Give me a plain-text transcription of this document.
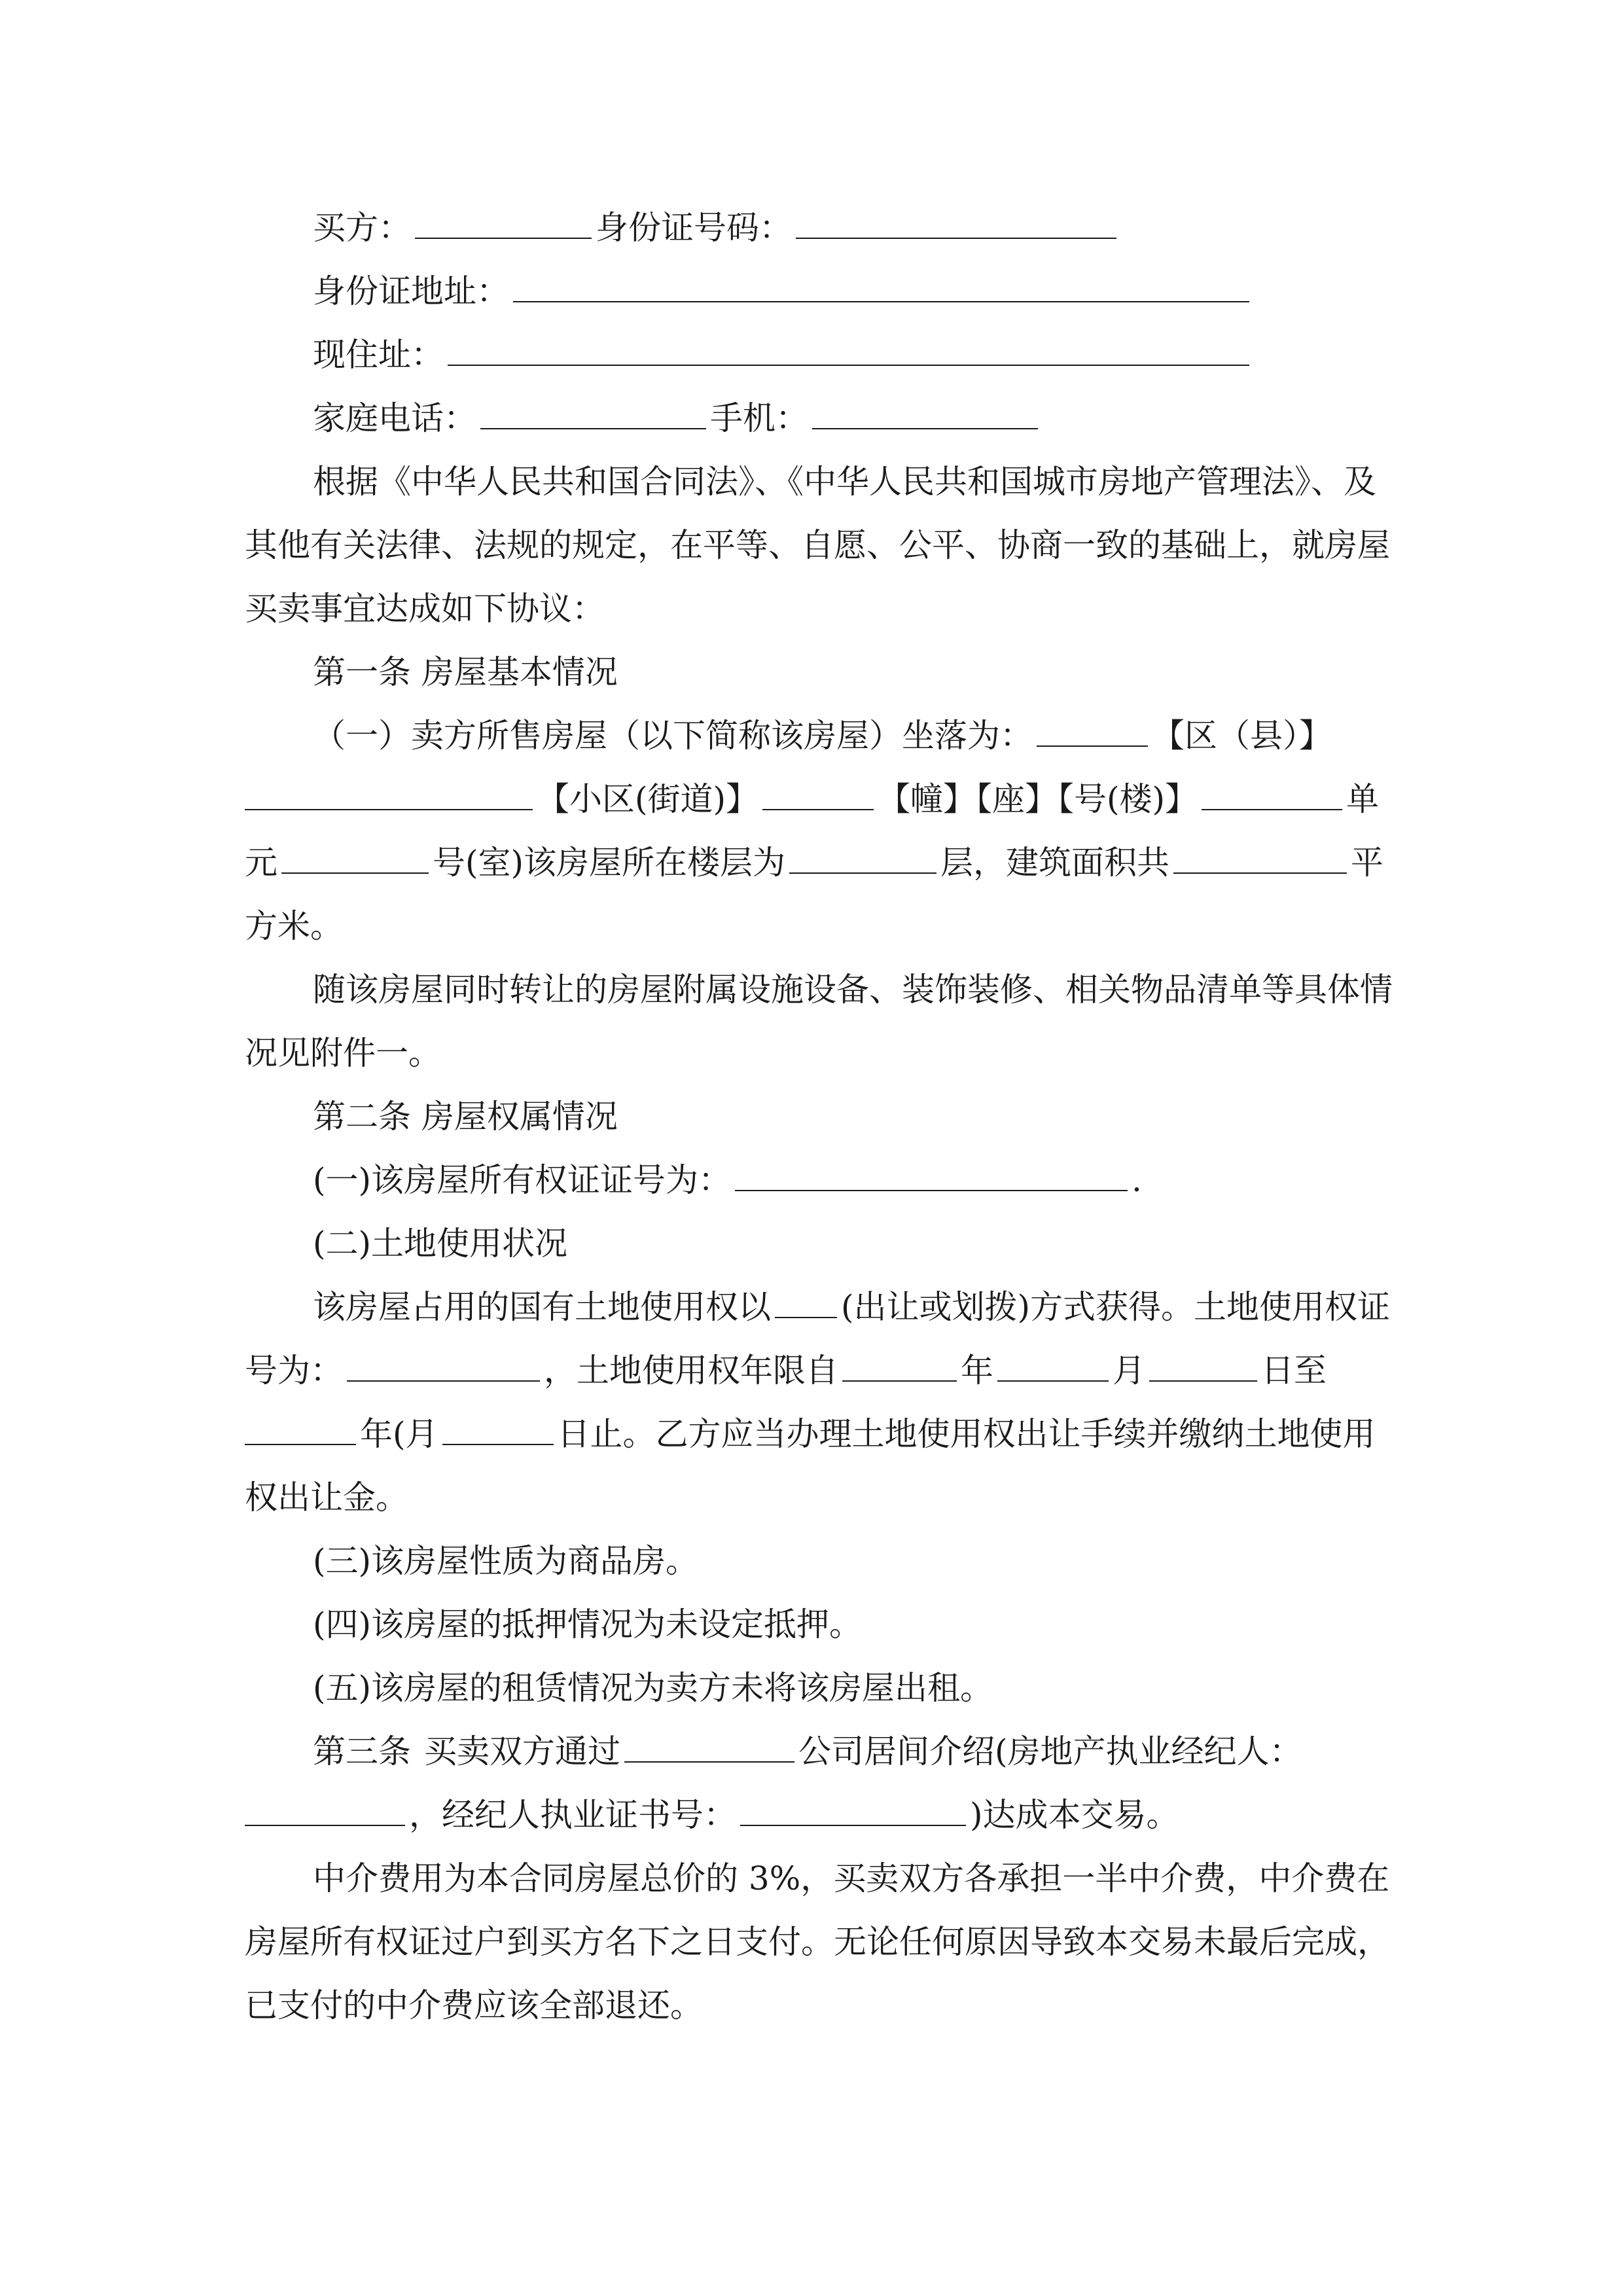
买方：	身份证号码：
身份证地址：
现住址：
家庭电话：	手机：
根据《中华人民共和国合同法》、《中华人民共和国城市房地产管理法》、及
其他有关法律、法规的规定，在平等、自愿、公平、协商一致的基础上，就房屋
买卖事宜达成如下协议：
第一条 房屋基本情况
（一）卖方所售房屋（以下简称该房屋）坐落为：	【区（县）】
【小区(街道)】	【幢】【座】【号(楼)】	单
元	号(室)该房屋所在楼层为	层，建筑面积共	平
方米。
随该房屋同时转让的房屋附属设施设备、装饰装修、相关物品清单等具体情
况见附件一。
第二条 房屋权属情况
(一)该房屋所有权证证号为：	.
(二)土地使用状况
该房屋占用的国有土地使用权以 (出让或划拨)方式获得。土地使用权证
号为：	，土地使用权年限自	年	月	日至
年(月	日止。乙方应当办理土地使用权出让手续并缴纳土地使用
权出让金。
(三)该房屋性质为商品房。
(四)该房屋的抵押情况为未设定抵押。
(五)该房屋的租赁情况为卖方未将该房屋出租。
第三条 买卖双方通过	公司居间介绍(房地产执业经纪人：
，经纪人执业证书号：	)达成本交易。
中介费用为本合同房屋总价的 3%，买卖双方各承担一半中介费，中介费在
房屋所有权证过户到买方名下之日支付。无论任何原因导致本交易未最后完成，
已支付的中介费应该全部退还。
